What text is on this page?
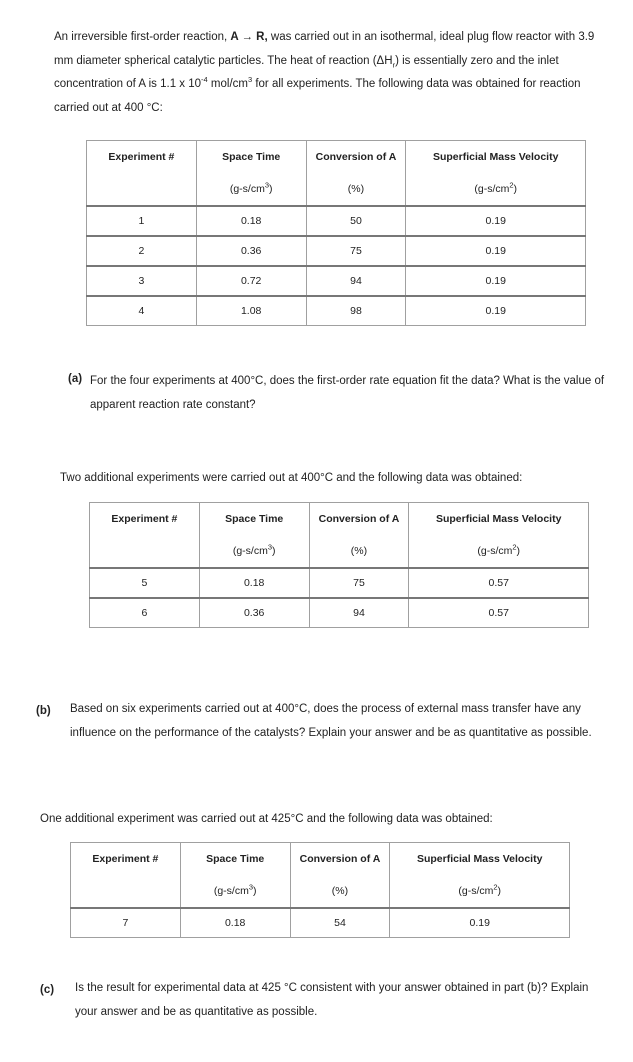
An irreversible first-order reaction, A → R, was carried out in an isothermal, ideal plug flow reactor with 3.9 mm diameter spherical catalytic particles. The heat of reaction $(\Delta H_r)$ is essentially zero and the inlet concentration of A is 1.1 x $10^{-4}$ mol/$cm^3$ for all experiments. The following data was obtained for reaction carried out at 400 °C:
Experiment #	Space Time	Conversion of A	Superficial Mass Velocity
	$(g-s/cm^3)$	(%)	$(g-s/cm^2)$
1	0.18	50	0.19
2	0.36	75	0.19
3	0.72	94	0.19
4	1.08	98	0.19
(a) For the four experiments at 400°C, does the first-order rate equation fit the data? What is the value of apparent reaction rate constant?
Two additional experiments were carried out at 400°C and the following data was obtained:
Experiment #	Space Time	Conversion of A	Superficial Mass Velocity
	$(g-s/cm^3)$	(%)	$(g-s/cm^2)$
5	0.18	75	0.57
6	0.36	94	0.57
(b) Based on six experiments carried out at 400°C, does the process of external mass transfer have any influence on the performance of the catalysts? Explain your answer and be as quantitative as possible.
One additional experiment was carried out at 425°C and the following data was obtained:
Experiment #	Space Time	Conversion of A	Superficial Mass Velocity
	$(g-s/cm^3)$	(%)	$(g-s/cm^2)$
7	0.18	54	0.19
(c) Is the result for experimental data at 425 °C consistent with your answer obtained in part (b)? Explain your answer and be as quantitative as possible.
